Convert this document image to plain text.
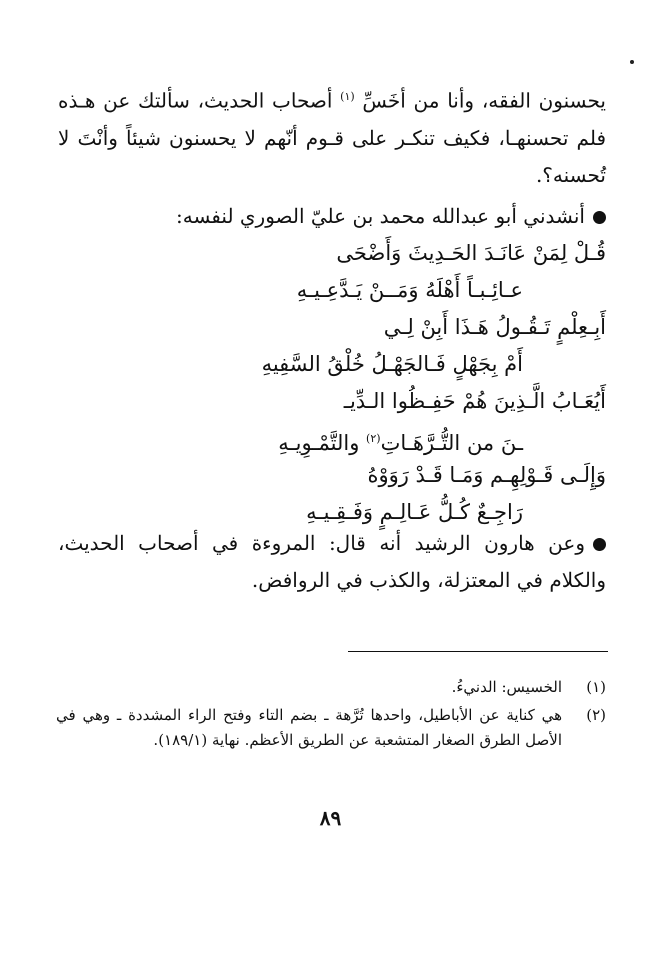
يحسنون الفقه، وأنا من أخَسِّ $^{(١)}$ أصحاب الحديث، سألتك عن هـذه فلم تحسنهـا، فكيف تنكـر على قـوم أنّهم لا يحسنون شيئاً وأنْتَ لا تُحسنه؟.
أنشدني أبو عبدالله محمد بن عليّ الصوري لنفسه:
قُـلْ لِمَنْ عَانَـدَ الحَـدِيثَ وَأَضْحَى
عـائِـبـاً أَهْلَهُ وَمَــنْ يَـدَّعِـيـهِ
أَبِـعِلْمٍ تَـقُـولُ هَـذَا أَبِنْ لِـي
أَمْ بِجَهْلٍ فَـالجَهْـلُ خُلْقُ السَّفِيهِ
أَيُعَـابُ الَّـذِينَ هُمْ حَفِـظُوا الـدِّيـ
ـنَ من التُّـرَّهَـاتِ$^{(٢)}$ والتَّمْـوِيـهِ
وَإِلَـى قَـوْلِهِـم وَمَـا قَـدْ رَوَوْهُ
رَاجِـعٌ كُـلُّ عَـالِـمٍ وَفَـقِـيـهِ
وعن هارون الرشيد أنه قال: المروءة في أصحاب الحديث، والكلام في المعتزلة، والكذب في الروافض.
(١)
الخسيس: الدنيءُ.
(٢)
هي كناية عن الأباطيل، واحدها تُرَّهة ـ بضم التاء وفتح الراء المشددة ـ وهي في الأصل الطرق الصغار المتشعبة عن الطريق الأعظم. نهاية (١٨٩/١).
٨٩
